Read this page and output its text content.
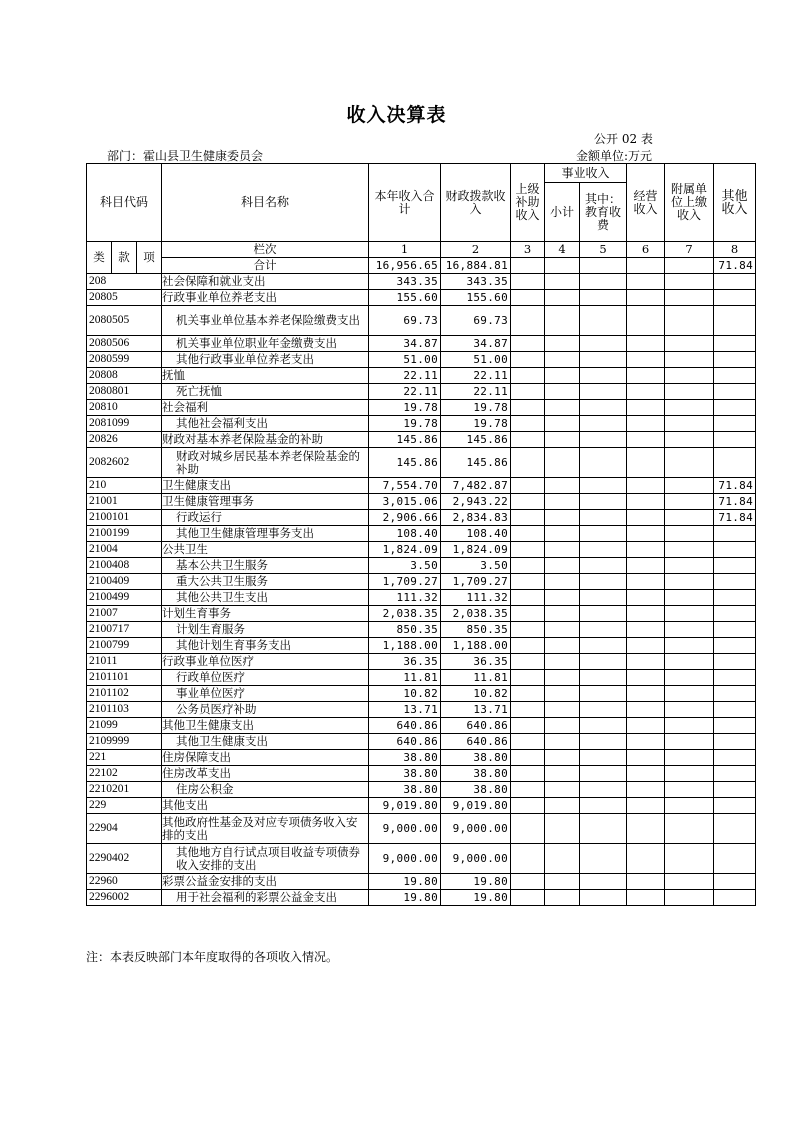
收入决算表
公开 02 表
部门：霍山县卫生健康委员会	金额单位:万元
科目代码			科目名称	本年收入合计	财政拨款收入	上级补助收入	事业收入		经营收入	附属单位上缴收入	其他收入
							小计	其中：教育收费			

类	款	项	栏次	1	2	3	4	5	6	7	8
			合计	16,956.65	16,884.81						71.84
208			社会保障和就业支出	343.35	343.35						
20805			行政事业单位养老支出	155.60	155.60						
2080505			机关事业单位基本养老保险缴费支出	69.73	69.73						
2080506			机关事业单位职业年金缴费支出	34.87	34.87						
2080599			其他行政事业单位养老支出	51.00	51.00						
20808			抚恤	22.11	22.11						
2080801			死亡抚恤	22.11	22.11						
20810			社会福利	19.78	19.78						
2081099			其他社会福利支出	19.78	19.78						
20826			财政对基本养老保险基金的补助	145.86	145.86						
2082602			财政对城乡居民基本养老保险基金的补助	145.86	145.86						
210			卫生健康支出	7,554.70	7,482.87						71.84
21001			卫生健康管理事务	3,015.06	2,943.22						71.84
2100101			行政运行	2,906.66	2,834.83						71.84
2100199			其他卫生健康管理事务支出	108.40	108.40						
21004			公共卫生	1,824.09	1,824.09						
2100408			基本公共卫生服务	3.50	3.50						
2100409			重大公共卫生服务	1,709.27	1,709.27						
2100499			其他公共卫生支出	111.32	111.32						
21007			计划生育事务	2,038.35	2,038.35						
2100717			计划生育服务	850.35	850.35						
2100799			其他计划生育事务支出	1,188.00	1,188.00						
21011			行政事业单位医疗	36.35	36.35						
2101101			行政单位医疗	11.81	11.81						
2101102			事业单位医疗	10.82	10.82						
2101103			公务员医疗补助	13.71	13.71						
21099			其他卫生健康支出	640.86	640.86						
2109999			其他卫生健康支出	640.86	640.86						
221			住房保障支出	38.80	38.80						
22102			住房改革支出	38.80	38.80						
2210201			住房公积金	38.80	38.80						
229			其他支出	9,019.80	9,019.80						
22904			其他政府性基金及对应专项债务收入安排的支出	9,000.00	9,000.00						
2290402			其他地方自行试点项目收益专项债券收入安排的支出	9,000.00	9,000.00						
22960			彩票公益金安排的支出	19.80	19.80						
2296002			用于社会福利的彩票公益金支出	19.80	19.80						
注：本表反映部门本年度取得的各项收入情况。
